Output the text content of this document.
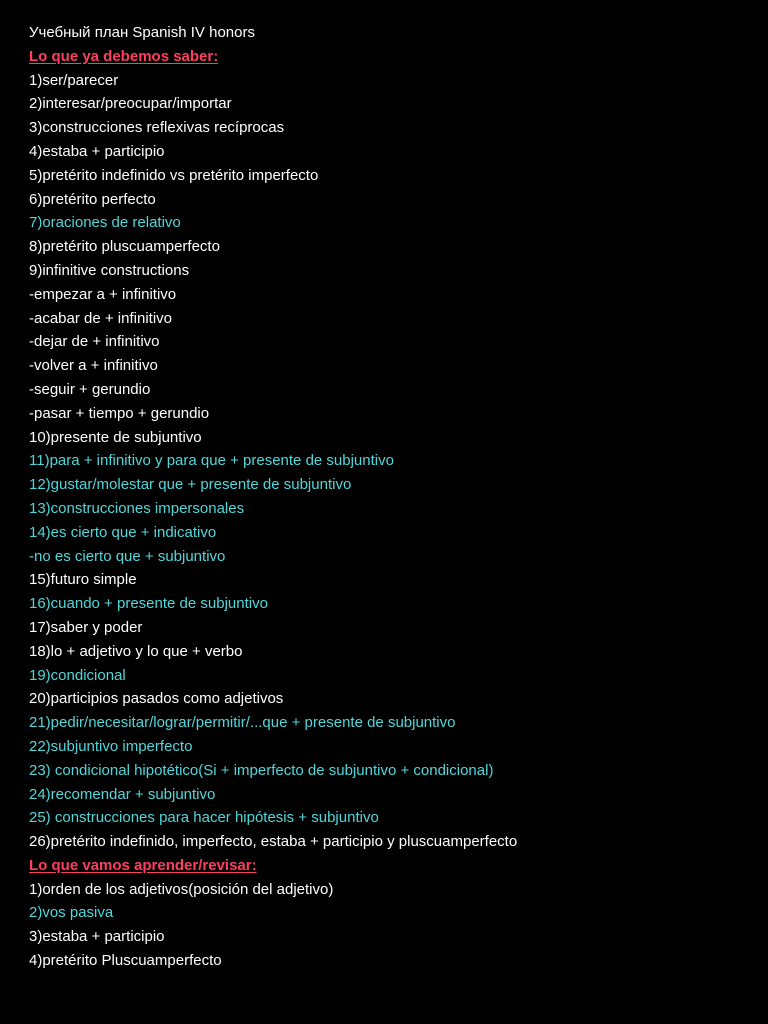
Учебный план Spanish IV honors
Lo que ya debemos saber:
1)ser/parecer
2)interesar/preocupar/importar
3)construcciones reflexivas recíprocas
4)estaba + participio
5)pretérito indefinido vs pretérito imperfecto
6)pretérito perfecto
7)oraciones de relativo
8)pretérito pluscuamperfecto
9)infinitive constructions
-empezar a + infinitivo
-acabar de + infinitivo
-dejar de + infinitivo
-volver a + infinitivo
-seguir + gerundio
-pasar + tiempo + gerundio
10)presente de subjuntivo
11)para + infinitivo y para que + presente de subjuntivo
12)gustar/molestar que + presente de subjuntivo
13)construcciones impersonales
14)es cierto que + indicativo
-no es cierto que + subjuntivo
15)futuro simple
16)cuando + presente de subjuntivo
17)saber y poder
18)lo + adjetivo y lo que + verbo
19)condicional
20)participios pasados como adjetivos
21)pedir/necesitar/lograr/permitir/...que + presente de subjuntivo
22)subjuntivo imperfecto
23) condicional hipotético(Si + imperfecto de subjuntivo + condicional)
24)recomendar + subjuntivo
25) construcciones para hacer hipótesis + subjuntivo
26)pretérito indefinido, imperfecto, estaba + participio y pluscuamperfecto
Lo que vamos aprender/revisar:
1)orden de los adjetivos(posición del adjetivo)
2)vos pasiva
3)estaba + participio
4)pretérito Pluscuamperfecto
